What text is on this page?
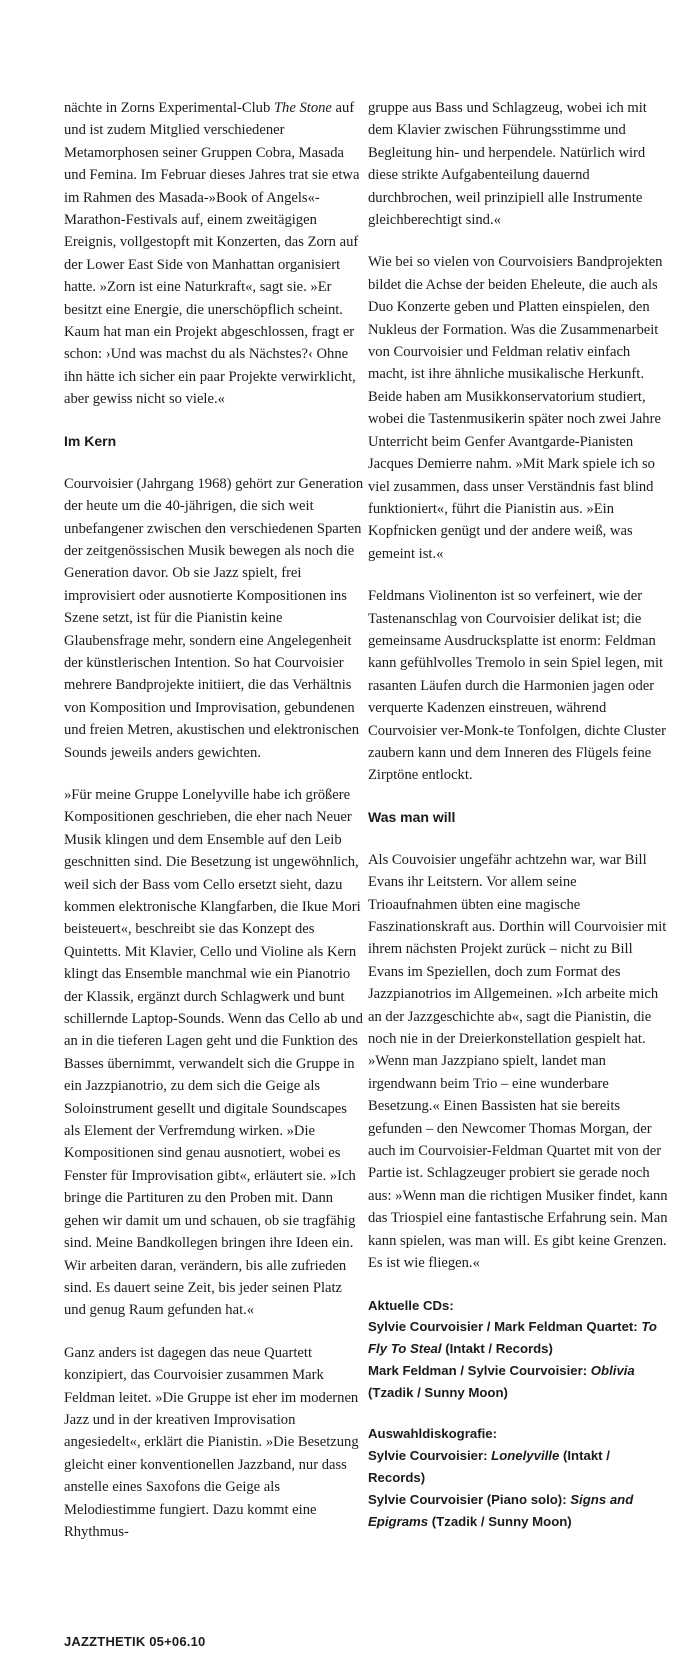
nächte in Zorns Experimental-Club The Stone auf und ist zudem Mitglied verschiedener Metamorphosen seiner Gruppen Cobra, Masada und Femina. Im Februar dieses Jahres trat sie etwa im Rahmen des Masada-»Book of Angels«-Marathon-Festivals auf, einem zweitägigen Ereignis, vollgestopft mit Konzerten, das Zorn auf der Lower East Side von Manhattan organisiert hatte. »Zorn ist eine Naturkraft«, sagt sie. »Er besitzt eine Energie, die unerschöpflich scheint. Kaum hat man ein Projekt abgeschlossen, fragt er schon: ›Und was machst du als Nächstes?‹ Ohne ihn hätte ich sicher ein paar Projekte verwirklicht, aber gewiss nicht so viele.«

Im Kern

Courvoisier (Jahrgang 1968) gehört zur Generation der heute um die 40-jährigen, die sich weit unbefangener zwischen den verschiedenen Sparten der zeitgenössischen Musik bewegen als noch die Generation davor. Ob sie Jazz spielt, frei improvisiert oder ausnotierte Kompositionen ins Szene setzt, ist für die Pianistin keine Glaubensfrage mehr, sondern eine Angelegenheit der künstlerischen Intention. So hat Courvoisier mehrere Bandprojekte initiiert, die das Verhältnis von Komposition und Improvisation, gebundenen und freien Metren, akustischen und elektronischen Sounds jeweils anders gewichten.

»Für meine Gruppe Lonelyville habe ich größere Kompositionen geschrieben, die eher nach Neuer Musik klingen und dem Ensemble auf den Leib geschnitten sind. Die Besetzung ist ungewöhnlich, weil sich der Bass vom Cello ersetzt sieht, dazu kommen elektronische Klangfarben, die Ikue Mori beisteuert«, beschreibt sie das Konzept des Quintetts. Mit Klavier, Cello und Violine als Kern klingt das Ensemble manchmal wie ein Pianotrio der Klassik, ergänzt durch Schlagwerk und bunt schillernde Laptop-Sounds. Wenn das Cello ab und an in die tieferen Lagen geht und die Funktion des Basses übernimmt, verwandelt sich die Gruppe in ein Jazzpianotrio, zu dem sich die Geige als Soloinstrument gesellt und digitale Soundscapes als Element der Verfremdung wirken. »Die Kompositionen sind genau ausnotiert, wobei es Fenster für Improvisation gibt«, erläutert sie. »Ich bringe die Partituren zu den Proben mit. Dann gehen wir damit um und schauen, ob sie tragfähig sind. Meine Bandkollegen bringen ihre Ideen ein. Wir arbeiten daran, verändern, bis alle zufrieden sind. Es dauert seine Zeit, bis jeder seinen Platz und genug Raum gefunden hat.«

Ganz anders ist dagegen das neue Quartett konzipiert, das Courvoisier zusammen Mark Feldman leitet. »Die Gruppe ist eher im modernen Jazz und in der kreativen Improvisation angesiedelt«, erklärt die Pianistin. »Die Besetzung gleicht einer konventionellen Jazzband, nur dass anstelle eines Saxofons die Geige als Melodiestimme fungiert. Dazu kommt eine Rhythmus-

gruppe aus Bass und Schlagzeug, wobei ich mit dem Klavier zwischen Führungsstimme und Begleitung hin- und herpendele. Natürlich wird diese strikte Aufgabenteilung dauernd durchbrochen, weil prinzipiell alle Instrumente gleichberechtigt sind.«

Wie bei so vielen von Courvoisiers Bandprojekten bildet die Achse der beiden Eheleute, die auch als Duo Konzerte geben und Platten einspielen, den Nukleus der Formation. Was die Zusammenarbeit von Courvoisier und Feldman relativ einfach macht, ist ihre ähnliche musikalische Herkunft. Beide haben am Musikkonservatorium studiert, wobei die Tastenmusikerin später noch zwei Jahre Unterricht beim Genfer Avantgarde-Pianisten Jacques Demierre nahm. »Mit Mark spiele ich so viel zusammen, dass unser Verständnis fast blind funktioniert«, führt die Pianistin aus. »Ein Kopfnicken genügt und der andere weiß, was gemeint ist.«

Feldmans Violinenton ist so verfeinert, wie der Tastenanschlag von Courvoisier delikat ist; die gemeinsame Ausdrucksplatte ist enorm: Feldman kann gefühlvolles Tremolo in sein Spiel legen, mit rasanten Läufen durch die Harmonien jagen oder verquerte Kadenzen einstreuen, während Courvoisier ver-Monk-te Tonfolgen, dichte Cluster zaubern kann und dem Inneren des Flügels feine Zirptöne entlockt.

Was man will

Als Couvoisier ungefähr achtzehn war, war Bill Evans ihr Leitstern. Vor allem seine Trioaufnahmen übten eine magische Faszinationskraft aus. Dorthin will Courvoisier mit ihrem nächsten Projekt zurück – nicht zu Bill Evans im Speziellen, doch zum Format des Jazzpianotrios im Allgemeinen. »Ich arbeite mich an der Jazzgeschichte ab«, sagt die Pianistin, die noch nie in der Dreierkonstellation gespielt hat. »Wenn man Jazzpiano spielt, landet man irgendwann beim Trio – eine wunderbare Besetzung.« Einen Bassisten hat sie bereits gefunden – den Newcomer Thomas Morgan, der auch im Courvoisier-Feldman Quartet mit von der Partie ist. Schlagzeuger probiert sie gerade noch aus: »Wenn man die richtigen Musiker findet, kann das Triospiel eine fantastische Erfahrung sein. Man kann spielen, was man will. Es gibt keine Grenzen. Es ist wie fliegen.«

Aktuelle CDs:
Sylvie Courvoisier / Mark Feldman Quartet: To Fly To Steal (Intakt / Records)
Mark Feldman / Sylvie Courvoisier: Oblivia (Tzadik / Sunny Moon)
Auswahldiskografie:
Sylvie Courvoisier: Lonelyville (Intakt / Records)
Sylvie Courvoisier (Piano solo): Signs and Epigrams (Tzadik / Sunny Moon)
JAZZTHETIK 05+06.10
